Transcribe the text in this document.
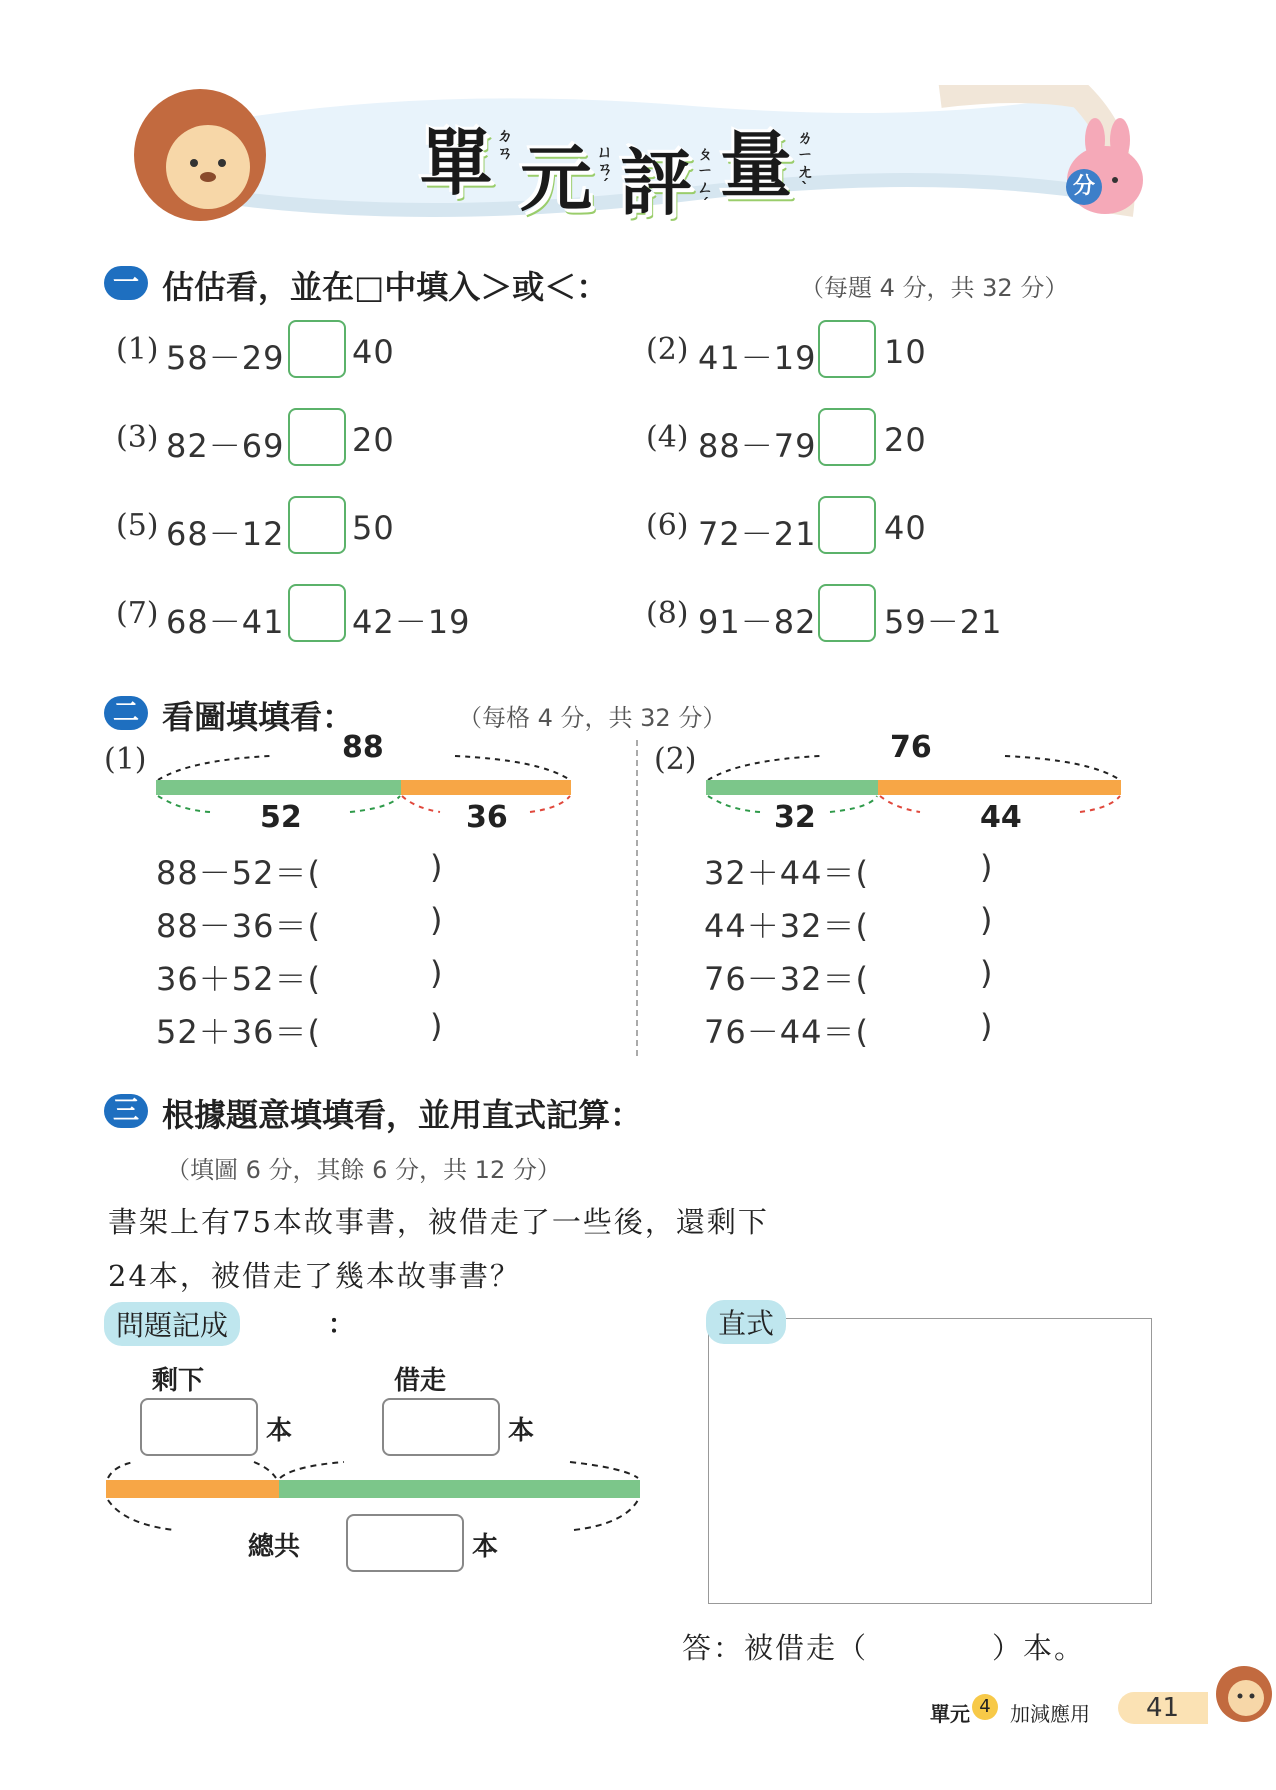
單 ㄉㄢ 元 ㄩㄢˊ 評 ㄆㄧㄥˊ 量 ㄌㄧㄤˋ	分
一 估估看，並在□中填入＞或＜：	（每題 4 分，共 32 分）
(1) 58－29 40	(2) 41－19 10
(3) 82－69 20	(4) 88－79 20
(5) 68－12 50	(6) 72－21 40
(7) 68－41 42－19	(8) 91－82 59－21
二 看圖填填看：	（每格 4 分，共 32 分）
(1)	88
52	36
88－52＝(	)
88－36＝(	)
36＋52＝(	)
52＋36＝(	)
(2)	76
32	44
32＋44＝(	)
44＋32＝(	)
76－32＝(	)
76－44＝(	)
三 根據題意填填看，並用直式記算：
（填圖 6 分，其餘 6 分，共 12 分）
書架上有75本故事書，被借走了一些後，還剩下
24本，被借走了幾本故事書？
問題記成	：
剩下	借走
本	本
總共	本
直式
答：被借走（　　　　）本。
單元 4 加減應用	41
